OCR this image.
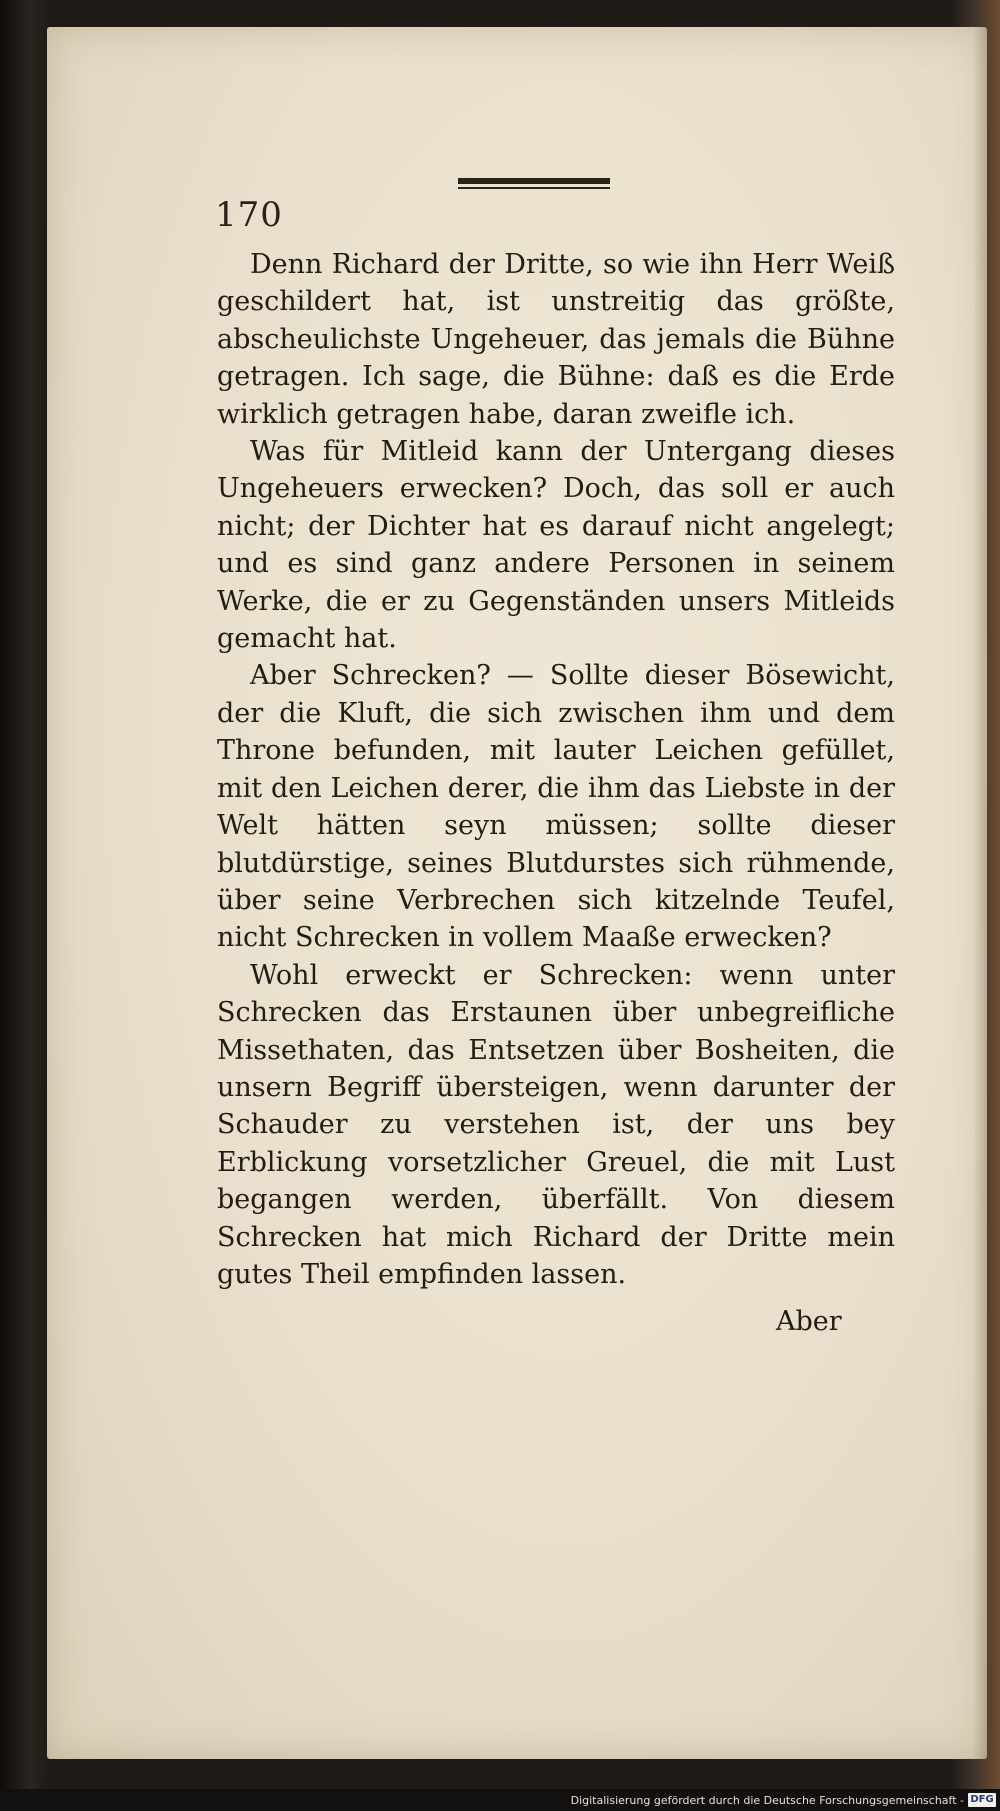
170

Denn Richard der Dritte, so wie ihn Herr Weiß geschildert hat, ist unstreitig das größte, abscheulichste Ungeheuer, das jemals die Bühne getragen. Ich sage, die Bühne: daß es die Erde wirklich getragen habe, daran zweifle ich.

Was für Mitleid kann der Untergang dieses Ungeheuers erwecken? Doch, das soll er auch nicht; der Dichter hat es darauf nicht angelegt; und es sind ganz andere Personen in seinem Werke, die er zu Gegenständen unsers Mitleids gemacht hat.

Aber Schrecken? — Sollte dieser Bösewicht, der die Kluft, die sich zwischen ihm und dem Throne befunden, mit lauter Leichen gefüllet, mit den Leichen derer, die ihm das Liebste in der Welt hätten seyn müssen; sollte dieser blutdürstige, seines Blutdurstes sich rühmende, über seine Verbrechen sich kitzelnde Teufel, nicht Schrecken in vollem Maaße erwecken?

Wohl erweckt er Schrecken: wenn unter Schrecken das Erstaunen über unbegreifliche Missethaten, das Entsetzen über Bosheiten, die unsern Begriff übersteigen, wenn darunter der Schauder zu verstehen ist, der uns bey Erblickung vorsetzlicher Greuel, die mit Lust begangen werden, überfällt. Von diesem Schrecken hat mich Richard der Dritte mein gutes Theil empfinden lassen.

Aber
Digitalisierung gefördert durch die Deutsche Forschungsgemeinschaft - DFG
